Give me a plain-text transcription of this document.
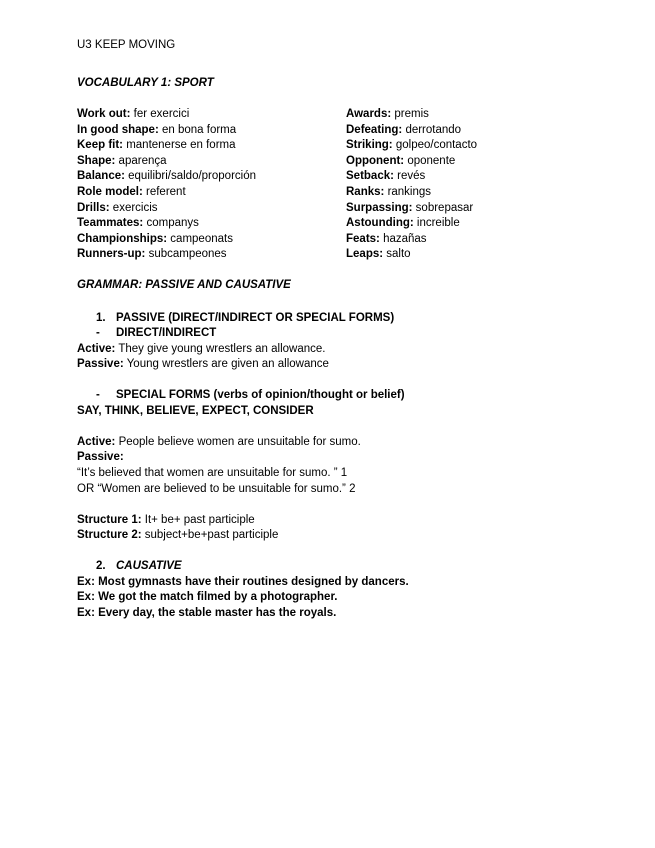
U3 KEEP MOVING
VOCABULARY 1: SPORT
Work out: fer exercici
In good shape: en bona forma
Keep fit: mantenerse en forma
Shape: aparença
Balance: equilibri/saldo/proporción
Role model: referent
Drills: exercicis
Teammates: companys
Championships: campeonats
Runners-up: subcampeones
Awards: premis
Defeating: derrotando
Striking: golpeo/contacto
Opponent: oponente
Setback: revés
Ranks: rankings
Surpassing: sobrepasar
Astounding: increible
Feats: hazañas
Leaps: salto
GRAMMAR: PASSIVE AND CAUSATIVE
1. PASSIVE (DIRECT/INDIRECT OR SPECIAL FORMS)
- DIRECT/INDIRECT
Active: They give young wrestlers an allowance.
Passive: Young wrestlers are given an allowance
- SPECIAL FORMS (verbs of opinion/thought or belief)
SAY, THINK, BELIEVE, EXPECT, CONSIDER
Active: People believe women are unsuitable for sumo.
Passive:
“It’s believed that women are unsuitable for sumo. ” 1
OR “Women are believed to be unsuitable for sumo.” 2
Structure 1: It+ be+ past participle
Structure 2: subject+be+past participle
2. CAUSATIVE
Ex: Most gymnasts have their routines designed by dancers.
Ex: We got the match filmed by a photographer.
Ex: Every day, the stable master has the royals.
